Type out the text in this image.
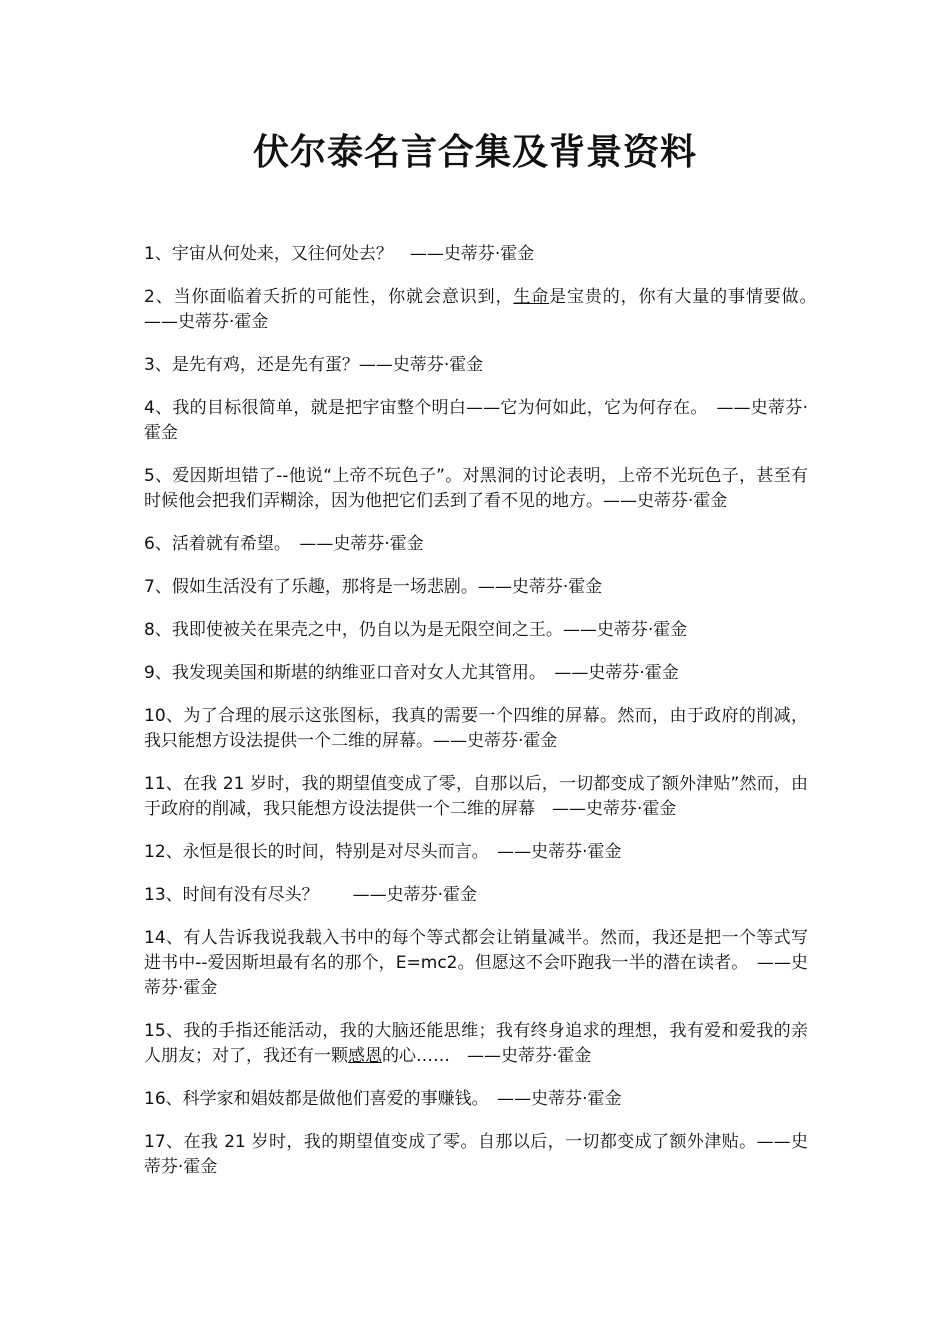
伏尔泰名言合集及背景资料
1、宇宙从何处来，又往何处去？　——史蒂芬·霍金
2、当你面临着夭折的可能性，你就会意识到，生命是宝贵的，你有大量的事情要做。　——史蒂芬·霍金
3、是先有鸡，还是先有蛋？——史蒂芬·霍金
4、我的目标很简单，就是把宇宙整个明白——它为何如此，它为何存在。　——史蒂芬·霍金
5、爱因斯坦错了--他说“上帝不玩色子”。对黑洞的讨论表明，上帝不光玩色子，甚至有时候他会把我们弄糊涂，因为他把它们丢到了看不见的地方。——史蒂芬·霍金
6、活着就有希望。　——史蒂芬·霍金
7、假如生活没有了乐趣，那将是一场悲剧。——史蒂芬·霍金
8、我即使被关在果壳之中，仍自以为是无限空间之王。——史蒂芬·霍金
9、我发现美国和斯堪的纳维亚口音对女人尤其管用。　——史蒂芬·霍金
10、为了合理的展示这张图标，我真的需要一个四维的屏幕。然而，由于政府的削减，我只能想方设法提供一个二维的屏幕。——史蒂芬·霍金
11、在我 21 岁时，我的期望值变成了零，自那以后，一切都变成了额外津贴”然而，由于政府的削减，我只能想方设法提供一个二维的屏幕　——史蒂芬·霍金
12、永恒是很长的时间，特别是对尽头而言。　——史蒂芬·霍金
13、时间有没有尽头？　　——史蒂芬·霍金
14、有人告诉我说我载入书中的每个等式都会让销量减半。然而，我还是把一个等式写进书中--爱因斯坦最有名的那个，E=mc2。但愿这不会吓跑我一半的潜在读者。　——史蒂芬·霍金
15、我的手指还能活动，我的大脑还能思维；我有终身追求的理想，我有爱和爱我的亲人朋友；对了，我还有一颗感恩的心……　——史蒂芬·霍金
16、科学家和娼妓都是做他们喜爱的事赚钱。　——史蒂芬·霍金
17、在我 21 岁时，我的期望值变成了零。自那以后，一切都变成了额外津贴。——史蒂芬·霍金
